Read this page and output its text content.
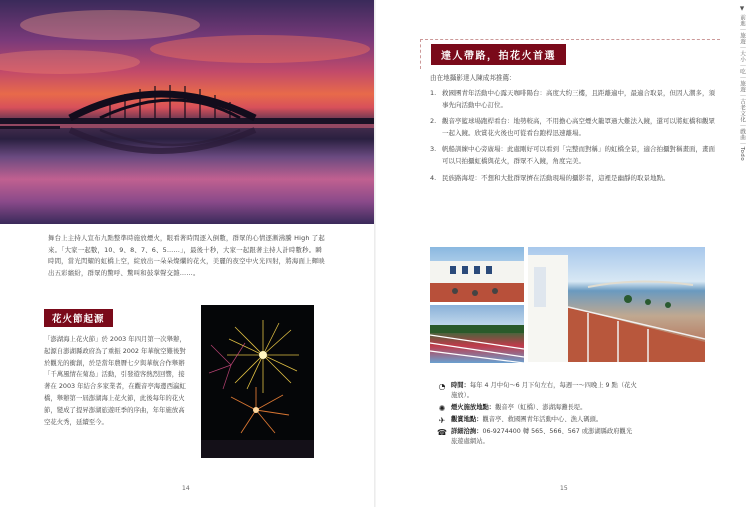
舞台上主持人宣布九點整準時施放煙火，眼看著時間逐入倒數，群眾的心情逐漸沸騰 High 了起來。「大家一起數，10、9、8、7、6、5……」，最後十秒，大家一起跟著主持人計時數秒。瞬時間，當光閃耀的虹橋上空，綻放出一朵朵燦爛的花火，美麗的夜空中火光四射，將海面上輝映出五彩繽紛，群眾的驚呼、驚叫和鼓掌聲交雜……。
花火節起源
「澎湖海上花火節」於 2003 年四月第一次舉辦，起源自澎湖縣政府為了重振 2002 年華航空難後對於觀光的衝創，於是當年農曆七夕與華航合作舉辦「千萬風情在菊島」活動，引發遊客熱烈回響，接著在 2003 年結合多家業者，在觀音亭海邊西瀛虹橋，舉辦第一屆澎湖海上花火節，此後每年的花火節，變成了提昇澎湖旅遊旺季的序曲，年年施放高空花火秀，延續至今。
14
▼ 前進｜旅遊｜大小｜吃｜旅遊｜古老文化｜戲曲｜Todo
達人帶路，拍花火首選
由在地攝影達人陳成邦推薦：
1. 救國團青年活動中心露天咖啡陽台：高度大約三樓，且距離適中，最適合取景，但因人潮多，須事先向活動中心訂位。
2. 觀音亭籃球場跑桿看台：地勢較高，不用擔心高空煙火籠罩過大難法入鏡，還可以將虹橋和觀眾一起入鏡。欣賞花火後也可從看台跑桿迅速離場。
3. 帆船訓練中心旁廣場：此處剛好可以看到「完整而對稱」的虹橋全景，適合拍攝對稱畫面，畫面可以只拍攝虹橋與花火，群眾不入鏡，角度完美。
4. 民族路海堤：不想和大批群眾擠在活動現場的攝影者，這裡是幽靜的取景地點。
◔ 時間：每年 4 月中旬～6 月下旬左右，每週一～四晚上 9 點（花火施放）。
✺ 煙火施放地點：觀音亭（虹橋）、澎湖海灘長堤。
✈ 觀賞地點：觀音亭、救國團青年活動中心、漁人碼頭。
☎ 詳細洽詢：06-9274400 轉 565、566、567 或澎湖縣政府觀光旅遊處網站。
15
